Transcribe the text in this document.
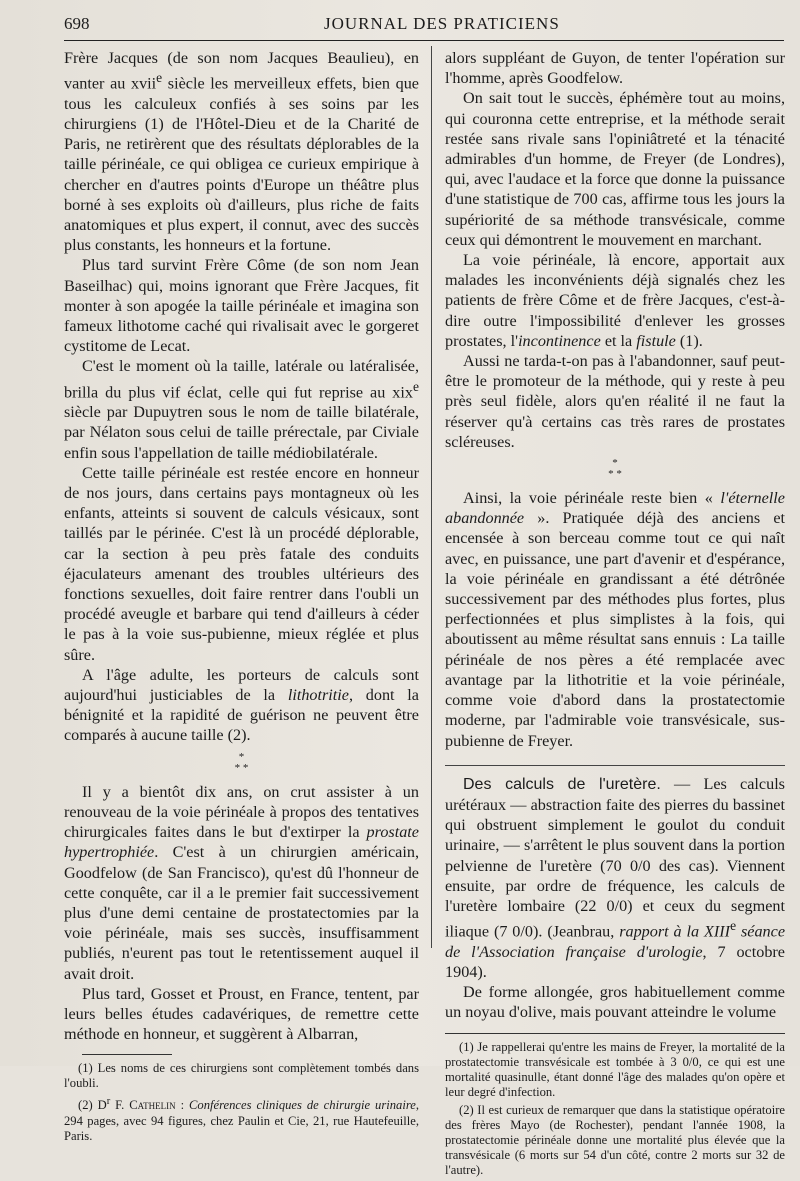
698	JOURNAL DES PRATICIENS

Frère Jacques (de son nom Jacques Beaulieu), en vanter au xvii$^e$ siècle les merveilleux effets, bien que tous les calculeux confiés à ses soins par les chirurgiens (1) de l'Hôtel-Dieu et de la Charité de Paris, ne retirèrent que des résultats déplorables de la taille périnéale, ce qui obligea ce curieux empirique à chercher en d'autres points d'Europe un théâtre plus borné à ses exploits où d'ailleurs, plus riche de faits anatomiques et plus expert, il connut, avec des succès plus constants, les honneurs et la fortune.

Plus tard survint Frère Côme (de son nom Jean Baseilhac) qui, moins ignorant que Frère Jacques, fit monter à son apogée la taille périnéale et imagina son fameux lithotome caché qui rivalisait avec le gorgeret cystitome de Lecat.

C'est le moment où la taille, latérale ou latéralisée, brilla du plus vif éclat, celle qui fut reprise au xix$^e$ siècle par Dupuytren sous le nom de taille bilatérale, par Nélaton sous celui de taille prérectale, par Civiale enfin sous l'appellation de taille médiobilatérale.

Cette taille périnéale est restée encore en honneur de nos jours, dans certains pays montagneux où les enfants, atteints si souvent de calculs vésicaux, sont taillés par le périnée. C'est là un procédé déplorable, car la section à peu près fatale des conduits éjaculateurs amenant des troubles ultérieurs des fonctions sexuelles, doit faire rentrer dans l'oubli un procédé aveugle et barbare qui tend d'ailleurs à céder le pas à la voie sus-pubienne, mieux réglée et plus sûre.

A l'âge adulte, les porteurs de calculs sont aujourd'hui justiciables de la lithotritie, dont la bénignité et la rapidité de guérison ne peuvent être comparés à aucune taille (2).

*
* *

Il y a bientôt dix ans, on crut assister à un renouveau de la voie périnéale à propos des tentatives chirurgicales faites dans le but d'extirper la prostate hypertrophiée. C'est à un chirurgien américain, Goodfelow (de San Francisco), qu'est dû l'honneur de cette conquête, car il a le premier fait successivement plus d'une demi centaine de prostatectomies par la voie périnéale, mais ses succès, insuffisamment publiés, n'eurent pas tout le retentissement auquel il avait droit.

Plus tard, Gosset et Proust, en France, tentent, par leurs belles études cadavériques, de remettre cette méthode en honneur, et suggèrent à Albarran,

(1) Les noms de ces chirurgiens sont complètement tombés dans l'oubli.

(2) $D^r$ F. Cathelin : Conférences cliniques de chirurgie urinaire, 294 pages, avec 94 figures, chez Paulin et Cie, 21, rue Hautefeuille, Paris.

alors suppléant de Guyon, de tenter l'opération sur l'homme, après Goodfelow.

On sait tout le succès, éphémère tout au moins, qui couronna cette entreprise, et la méthode serait restée sans rivale sans l'opiniâtreté et la ténacité admirables d'un homme, de Freyer (de Londres), qui, avec l'audace et la force que donne la puissance d'une statistique de 700 cas, affirme tous les jours la supériorité de sa méthode transvésicale, comme ceux qui démontrent le mouvement en marchant.

La voie périnéale, là encore, apportait aux malades les inconvénients déjà signalés chez les patients de frère Côme et de frère Jacques, c'est-à-dire outre l'impossibilité d'enlever les grosses prostates, l'incontinence et la fistule (1).

Aussi ne tarda-t-on pas à l'abandonner, sauf peut-être le promoteur de la méthode, qui y reste à peu près seul fidèle, alors qu'en réalité il ne faut la réserver qu'à certains cas très rares de prostates scléreuses.

*
* *

Ainsi, la voie périnéale reste bien « l'éternelle abandonnée ». Pratiquée déjà des anciens et encensée à son berceau comme tout ce qui naît avec, en puissance, une part d'avenir et d'espérance, la voie périnéale en grandissant a été détrônée successivement par des méthodes plus fortes, plus perfectionnées et plus simplistes à la fois, qui aboutissent au même résultat sans ennuis : La taille périnéale de nos pères a été remplacée avec avantage par la lithotritie et la voie périnéale, comme voie d'abord dans la prostatectomie moderne, par l'admirable voie transvésicale, sus-pubienne de Freyer.

Des calculs de l'uretère. — Les calculs urétéraux — abstraction faite des pierres du bassinet qui obstruent simplement le goulot du conduit urinaire, — s'arrêtent le plus souvent dans la portion pelvienne de l'uretère (70 0/0 des cas). Viennent ensuite, par ordre de fréquence, les calculs de l'uretère lombaire (22 0/0) et ceux du segment iliaque (7 0/0). (Jeanbrau, rapport à la XIIIe séance de l'Association française d'urologie, 7 octobre 1904).

De forme allongée, gros habituellement comme un noyau d'olive, mais pouvant atteindre le volume

(1) Je rappellerai qu'entre les mains de Freyer, la mortalité de la prostatectomie transvésicale est tombée à 3 0/0, ce qui est une mortalité quasinulle, étant donné l'âge des malades qu'on opère et leur degré d'infection.

(2) Il est curieux de remarquer que dans la statistique opératoire des frères Mayo (de Rochester), pendant l'année 1908, la prostatectomie périnéale donne une mortalité plus élevée que la transvésicale (6 morts sur 54 d'un côté, contre 2 morts sur 32 de l'autre).
